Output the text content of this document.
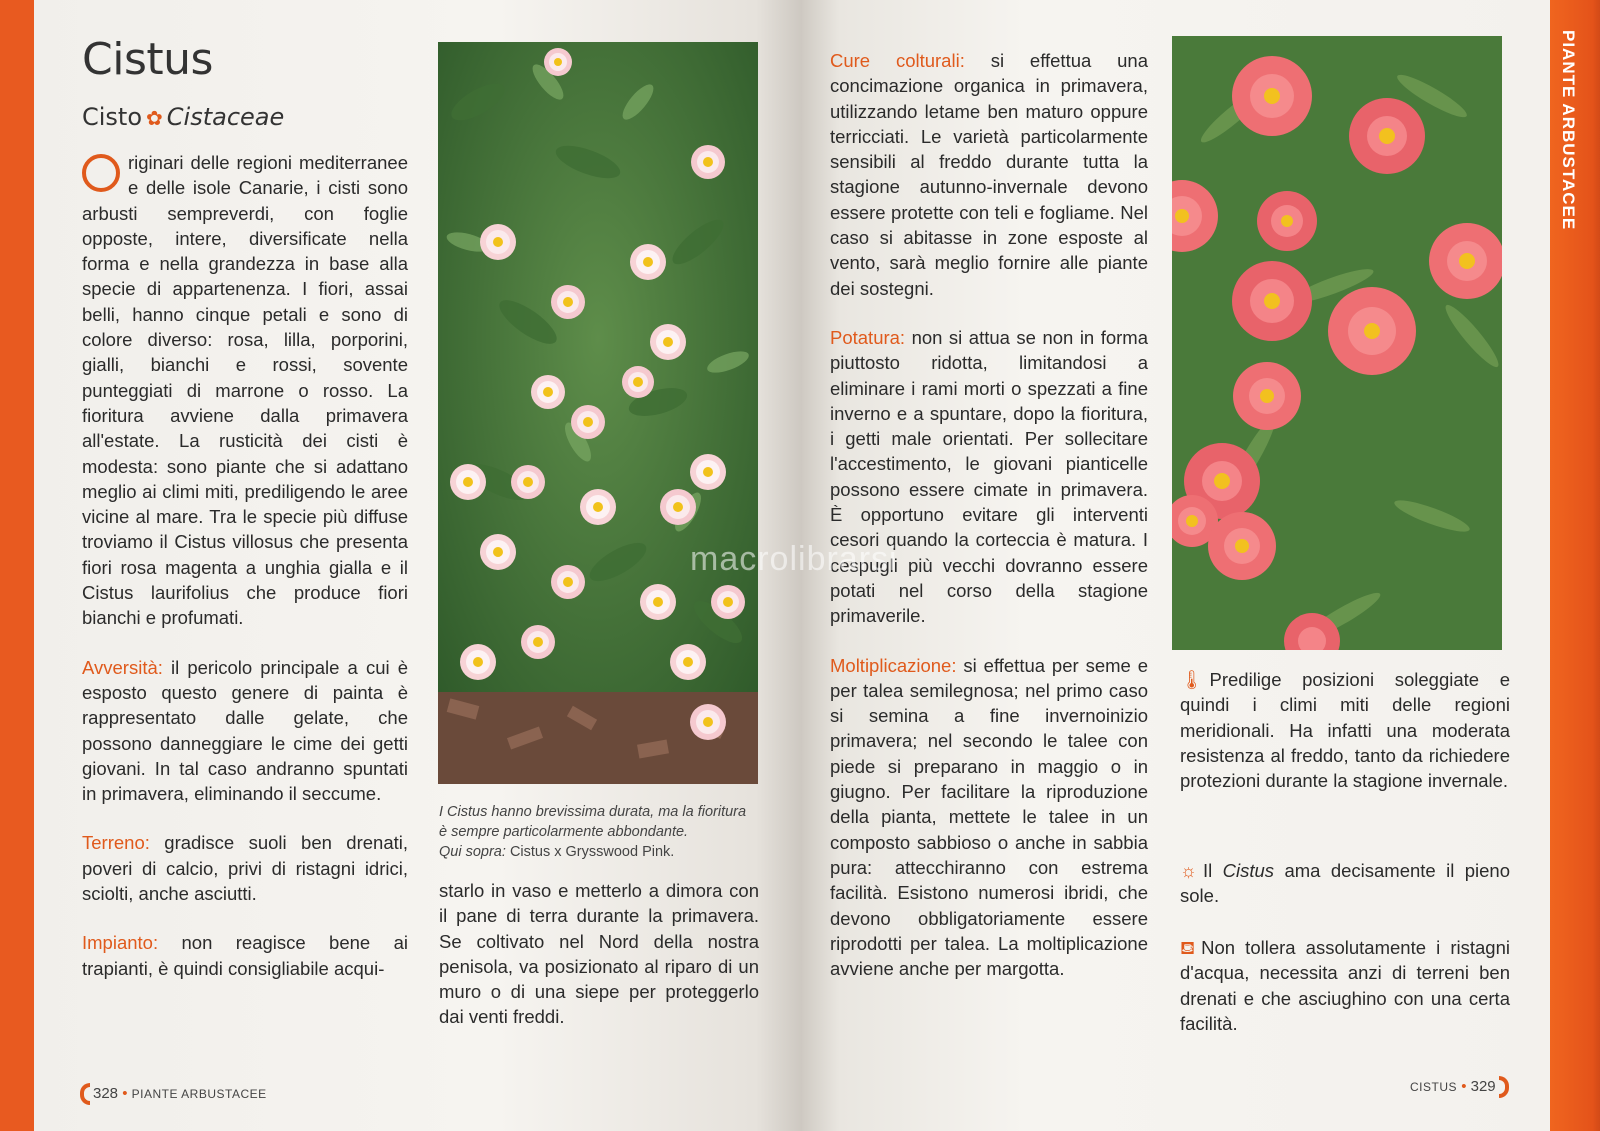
PIANTE ARBUSTACEE
Cistus
Cisto ✿ Cistaceae

riginari delle regioni mediterranee e delle isole Canarie, i cisti sono arbusti sempreverdi, con foglie opposte, intere, diversificate nella forma e nella grandezza in base alla specie di appartenenza. I fiori, assai belli, hanno cinque petali e sono di colore diverso: rosa, lilla, porporini, gialli, bianchi e rossi, sovente punteggiati di marrone o rosso. La fioritura avviene dalla primavera all'estate. La rusticità dei cisti è modesta: sono piante che si adattano meglio ai climi miti, prediligendo le aree vicine al mare. Tra le specie più diffuse troviamo il Cistus villosus che presenta fiori rosa magenta a unghia gialla e il Cistus laurifolius che produce fiori bianchi e profumati.

Avversità: il pericolo principale a cui è esposto questo genere di painta è rappresentato dalle gelate, che possono danneggiare le cime dei getti giovani. In tal caso andranno spuntati in primavera, eliminando il seccume.

Terreno: gradisce suoli ben drenati, poveri di calcio, privi di ristagni idrici, sciolti, anche asciutti.

Impianto: non reagisce bene ai trapianti, è quindi consigliabile acqui-

I Cistus hanno brevissima durata, ma la fioritura
è sempre particolarmente abbondante.
Qui sopra: Cistus x Grysswood Pink.

starlo in vaso e metterlo a dimora con il pane di terra durante la primavera. Se coltivato nel Nord della nostra penisola, va posizionato al riparo di un muro o di una siepe per proteggerlo dai venti freddi.

328 • PIANTE ARBUSTACEE

Cure colturali: si effettua una concimazione organica in primavera, utilizzando letame ben maturo oppure terricciati. Le varietà particolarmente sensibili al freddo durante tutta la stagione autunno-invernale devono essere protette con teli e fogliame. Nel caso si abitasse in zone esposte al vento, sarà meglio fornire alle piante dei sostegni.

Potatura: non si attua se non in forma piuttosto ridotta, limitandosi a eliminare i rami morti o spezzati a fine inverno e a spuntare, dopo la fioritura, i getti male orientati. Per sollecitare l'accestimento, le giovani pianticelle possono essere cimate in primavera. È opportuno evitare gli interventi cesori quando la corteccia è matura. I cespugli più vecchi dovranno essere potati nel corso della stagione primaverile.

Moltiplicazione: si effettua per seme e per talea semilegnosa; nel primo caso si semina a fine invernoinizio primavera; nel secondo le talee con piede si preparano in maggio o in giugno. Per facilitare la riproduzione della pianta, mettete le talee in un composto sabbioso o anche in sabbia pura: attecchiranno con estrema facilità. Esistono numerosi ibridi, che devono obbligatoriamente essere riprodotti per talea. La moltiplicazione avviene anche per margotta.

🌡 Predilige posizioni soleggiate e quindi i climi miti delle regioni meridionali. Ha infatti una moderata resistenza al freddo, tanto da richiedere protezioni durante la stagione invernale.
☼ Il Cistus ama decisamente il pieno sole.
⛾ Non tollera assolutamente i ristagni d'acqua, necessita anzi di terreni ben drenati e che asciughino con una certa facilità.
CISTUS • 329
macrolibrarsi
